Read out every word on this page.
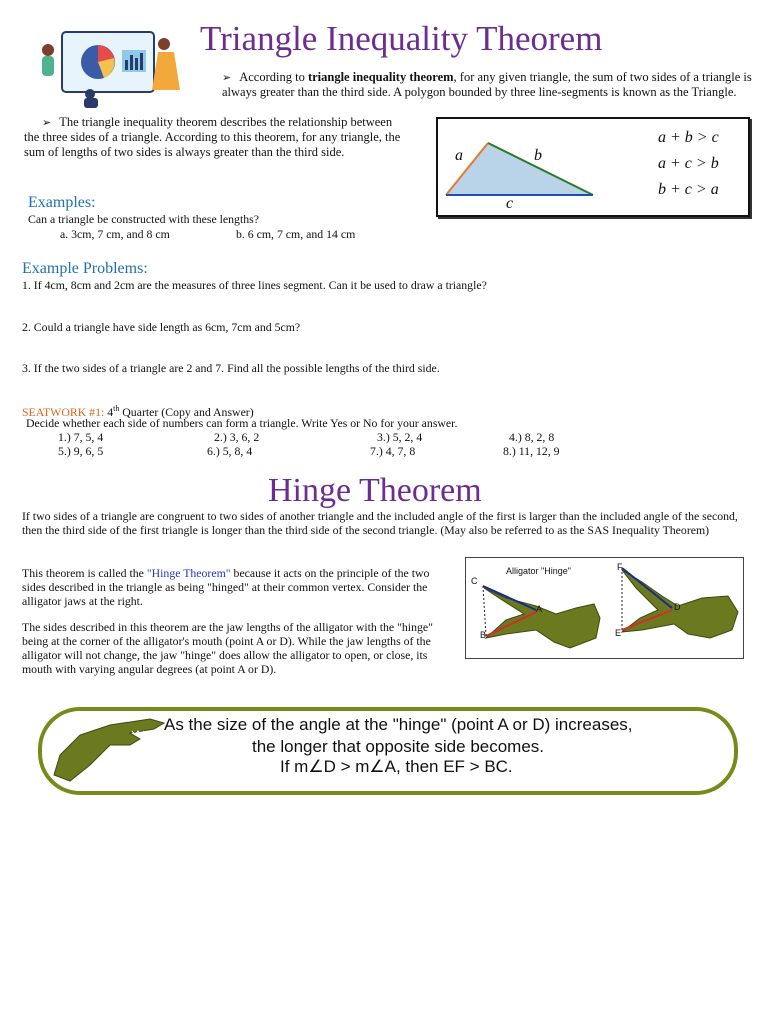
Triangle Inequality Theorem
➢ According to triangle inequality theorem, for any given triangle, the sum of two sides of a triangle is always greater than the third side. A polygon bounded by three line-segments is known as the Triangle.
➢ The triangle inequality theorem describes the relationship between the three sides of a triangle. According to this theorem, for any triangle, the sum of lengths of two sides is always greater than the third side.	a	b
c
a + b > c
a + c > b
b + c > a
Examples:
Can a triangle be constructed with these lengths?
a. 3cm, 7 cm, and 8 cm	b. 6 cm, 7 cm, and 14 cm
Example Problems:
1. If 4cm, 8cm and 2cm are the measures of three lines segment. Can it be used to draw a triangle?
2. Could a triangle have side length as 6cm, 7cm and 5cm?
3. If the two sides of a triangle are 2 and 7. Find all the possible lengths of the third side.
SEATWORK #1: 4th Quarter (Copy and Answer)
Decide whether each side of numbers can form a triangle. Write Yes or No for your answer.
1.) 7, 5, 4	2.) 3, 6, 2	3.) 5, 2, 4	4.) 8, 2, 8
5.) 9, 6, 5	6.) 5, 8, 4	7.) 4, 7, 8	8.) 11, 12, 9
Hinge Theorem
If two sides of a triangle are congruent to two sides of another triangle and the included angle of the first is larger than the included angle of the second, then the third side of the first triangle is longer than the third side of the second triangle. (May also be referred to as the SAS Inequality Theorem)
This theorem is called the "Hinge Theorem" because it acts on the principle of the two sides described in the triangle as being "hinged" at their common vertex. Consider the alligator jaws at the right.
The sides described in this theorem are the jaw lengths of the alligator with the "hinge" being at the corner of the alligator's mouth (point A or D). While the jaw lengths of the alligator will not change, the jaw "hinge" does allow the alligator to open, or close, its mouth with varying angular degrees (at point A or D).
Alligator "Hinge"
C
A
B
F
D
E
As the size of the angle at the "hinge" (point A or D) increases,
the longer that opposite side becomes.
If m∠D > m∠A, then EF > BC.
